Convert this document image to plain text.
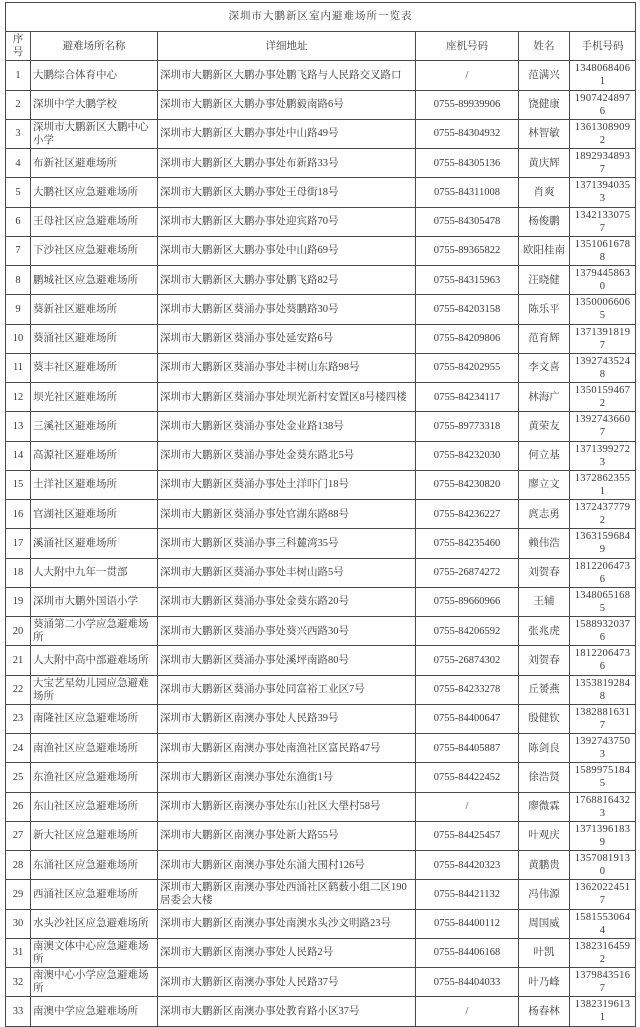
深圳市大鹏新区室内避难场所一览表					
序号	避难场所名称	详细地址	座机号码	姓名	手机号码
1	大鹏综合体育中心	深圳市大鹏新区大鹏办事处鹏飞路与人民路交叉路口	/	范满兴	13480684061
2	深圳中学大鹏学校	深圳市大鹏新区大鹏办事处鹏毅南路6号	0755-89939906	饶健康	19074248976
3	深圳市大鹏新区大鹏中心小学	深圳市大鹏新区大鹏办事处中山路49号	0755-84304932	林智敏	13613089092
4	布新社区避难场所	深圳市大鹏新区大鹏办事处布新路33号	0755-84305136	黄庆辉	18929348937
5	大鹏社区应急避难场所	深圳市大鹏新区大鹏办事处王母街18号	0755-84311008	肖爽	13713940353
6	王母社区应急避难场所	深圳市大鹏新区大鹏办事处迎宾路70号	0755-84305478	杨俊鹏	13421330757
7	下沙社区应急避难场所	深圳市大鹏新区大鹏办事处中山路69号	0755-89365822	欧阳桂南	13510616788
8	鹏城社区应急避难场所	深圳市大鹏新区大鹏办事处鹏飞路82号	0755-84315963	汪晓健	13794458630
9	葵新社区避难场所	深圳市大鹏新区葵涌办事处葵鹏路30号	0755-84203158	陈乐平	13500066065
10	葵涌社区避难场所	深圳市大鹏新区葵涌办事处延安路6号	0755-84209806	范育辉	13713918197
11	葵丰社区避难场所	深圳市大鹏新区葵涌办事处丰树山东路98号	0755-84202955	李文喜	13927435248
12	坝光社区避难场所	深圳市大鹏新区葵涌办事处坝光新村安置区8号楼四楼	0755-84234117	林海广	13501594672
13	三溪社区避难场所	深圳市大鹏新区葵涌办事处金业路138号	0755-89773318	黄荣友	13927436607
14	高源社区避难场所	深圳市大鹏新区葵涌办事处金葵东路北5号	0755-84232030	何立基	13713992723
15	土洋社区避难场所	深圳市大鹏新区葵涌办事处土洋吓门18号	0755-84230820	廖立文	13728623551
16	官湖社区避难场所	深圳市大鹏新区葵涌办事处官湖东路88号	0755-84236227	庹志勇	13724377792
17	溪涌社区避难场所	深圳市大鹏新区葵涌办事三科麓湾35号	0755-84235460	赖伟浩	13631596849
18	人大附中九年一贯部	深圳市大鹏新区葵涌办事处丰树山路5号	0755-26874272	刘贺春	18122064736
19	深圳市大鹏外国语小学	深圳市大鹏新区葵涌办事处金葵东路20号	0755-89660966	王辅	13480651685
20	葵涌第二小学应急避难场所	深圳市大鹏新区葵涌办事处葵兴西路30号	0755-84206592	张兆虎	15889320376
21	人大附中高中部避难场所	深圳市大鹏新区葵涌办事处溪坪南路80号	0755-26874302	刘贺春	18122064736
22	大宝艺星幼儿园应急避难场所	深圳市大鹏新区葵涌办事处同富裕工业区7号	0755-84233278	丘赟燕	13538192848
23	南隆社区应急避难场所	深圳市大鹏新区南澳办事处人民路39号	0755-84400647	殷健钦	13828816317
24	南渔社区应急避难场所	深圳市大鹏新区南澳办事处南渔社区富民路47号	0755-84405887	陈剑良	13927437503
25	东渔社区应急避难场所	深圳市大鹏新区南澳办事处东渔街1号	0755-84422452	徐浩贤	15899751845
26	东山社区应急避难场所	深圳市大鹏新区南澳办事处东山社区大壆村58号	/	廖微霖	17688164323
27	新大社区应急避难场所	深圳市大鹏新区南澳办事处新大路55号	0755-84425457	叶观庆	13713961839
28	东涌社区应急避难场所	深圳市大鹏新区南澳办事处东涌大围村126号	0755-84420323	黄鹏贵	13570819130
29	西涌社区应急避难场所	深圳市大鹏新区南澳办事处西涌社区鹤薮小组二区190居委会大楼	0755-84421132	冯伟源	13620224517
30	水头沙社区应急避难场所	深圳市大鹏新区南澳办事处南澳水头沙文明路23号	0755-84400112	周国威	15815530644
31	南澳文体中心应急避难场所	深圳市大鹏新区南澳办事处人民路2号	0755-84406168	叶凯	13823164592
32	南澳中心小学应急避难场所	深圳市大鹏新区南澳办事处人民路37号	0755-84404033	叶乃峰	13798435167
33	南澳中学应急避难场所	深圳市大鹏新区南澳办事处教育路小区37号	/	杨春林	13823196131
